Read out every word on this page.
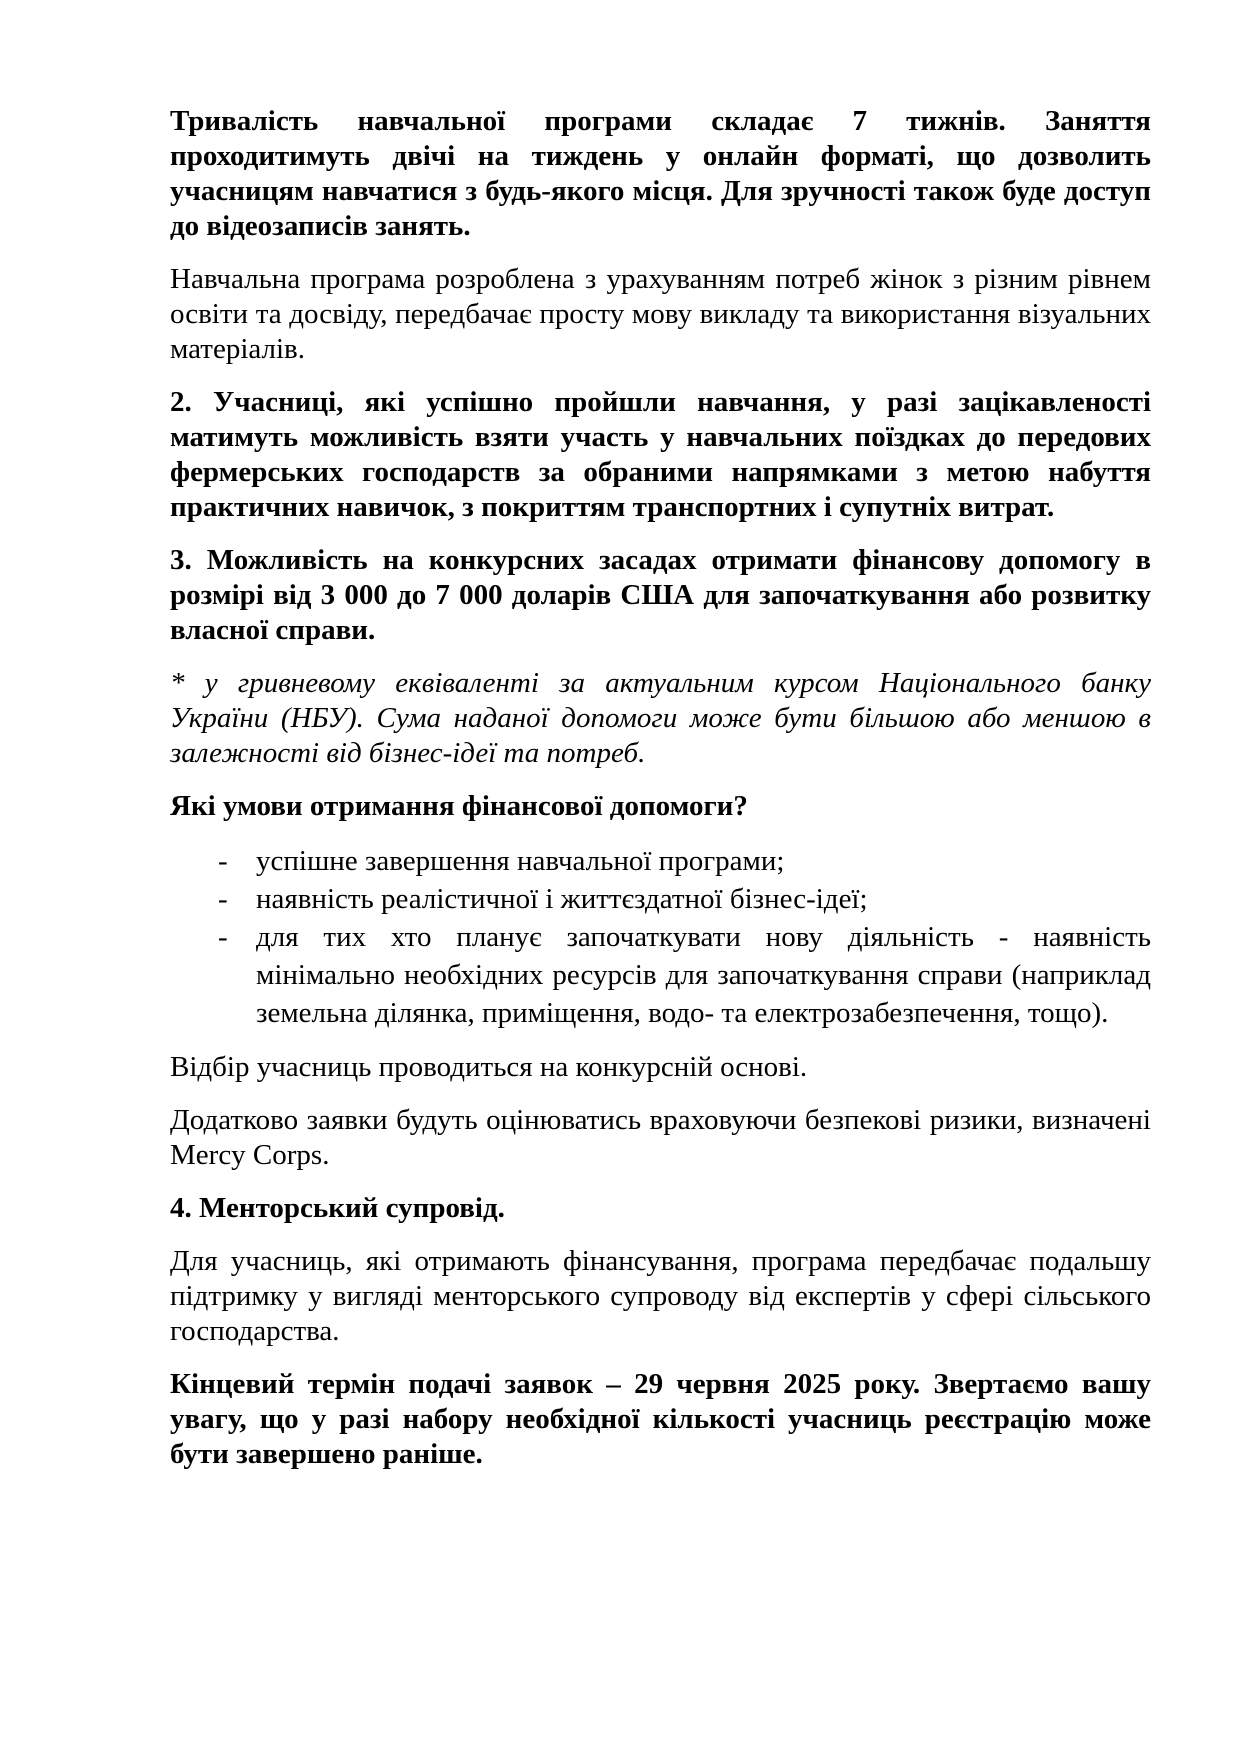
Тривалість навчальної програми складає 7 тижнів. Заняття проходитимуть двічі на тиждень у онлайн форматі, що дозволить учасницям навчатися з будь-якого місця. Для зручності також буде доступ до відеозаписів занять.

Навчальна програма розроблена з урахуванням потреб жінок з різним рівнем освіти та досвіду, передбачає просту мову викладу та використання візуальних матеріалів.

2. Учасниці, які успішно пройшли навчання, у разі зацікавленості матимуть можливість взяти участь у навчальних поїздках до передових фермерських господарств за обраними напрямками з метою набуття практичних навичок, з покриттям транспортних і супутніх витрат.

3. Можливість на конкурсних засадах отримати фінансову допомогу в розмірі від 3 000 до 7 000 доларів США для започаткування або розвитку власної справи.

* у гривневому еквіваленті за актуальним курсом Національного банку України (НБУ). Сума наданої допомоги може бути більшою або меншою в залежності від бізнес-ідеї та потреб.

Які умови отримання фінансової допомоги?

- успішне завершення навчальної програми;
- наявність реалістичної і життєздатної бізнес-ідеї;
- для тих хто планує започаткувати нову діяльність - наявність мінімально необхідних ресурсів для започаткування справи (наприклад земельна ділянка, приміщення, водо- та електрозабезпечення, тощо).

Відбір учасниць проводиться на конкурсній основі.

Додатково заявки будуть оцінюватись враховуючи безпекові ризики, визначені Mercy Corps.

4. Менторський супровід.

Для учасниць, які отримають фінансування, програма передбачає подальшу підтримку у вигляді менторського супроводу від експертів у сфері сільського господарства.

Кінцевий термін подачі заявок – 29 червня 2025 року. Звертаємо вашу увагу, що у разі набору необхідної кількості учасниць реєстрацію може бути завершено раніше.
